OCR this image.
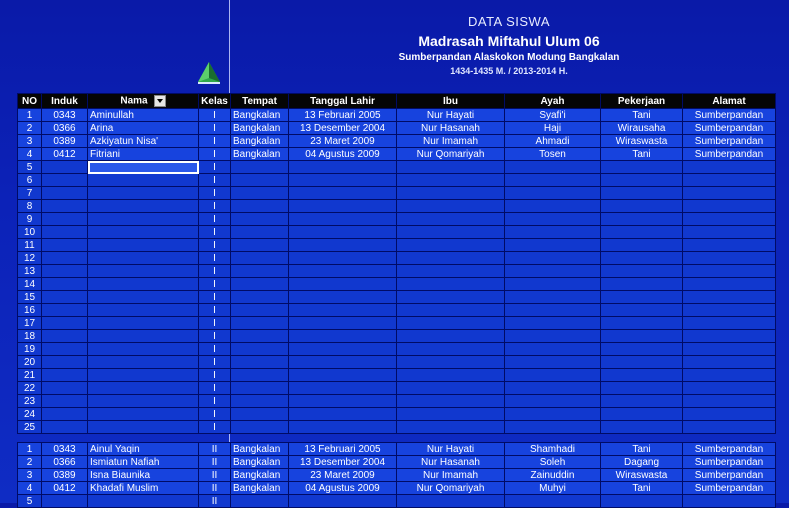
DATA SISWA
Madrasah Miftahul Ulum 06
Sumberpandan Alaskokon Modung Bangkalan
1434-1435 M. / 2013-2014 H.
NO	Induk	Nama	Kelas	Tempat	Tanggal Lahir	Ibu	Ayah	Pekerjaan	Alamat
1	0343	Aminullah	I	Bangkalan	13 Februari 2005	Nur Hayati	Syafi'i	Tani	Sumberpandan
2	0366	Arina	I	Bangkalan	13 Desember 2004	Nur Hasanah	Haji	Wirausaha	Sumberpandan
3	0389	Azkiyatun Nisa'	I	Bangkalan	23 Maret 2009	Nur Imamah	Ahmadi	Wiraswasta	Sumberpandan
4	0412	Fitriani	I	Bangkalan	04 Agustus 2009	Nur Qomariyah	Tosen	Tani	Sumberpandan
5			I						
6			I						
7			I						
8			I						
9			I						
10			I						
11			I						
12			I						
13			I						
14			I						
15			I						
16			I						
17			I						
18			I						
19			I						
20			I						
21			I						
22			I						
23			I						
24			I						
25			I						
1	0343	Ainul Yaqin	II	Bangkalan	13 Februari 2005	Nur Hayati	Shamhadi	Tani	Sumberpandan
2	0366	Ismiatun Nafiah	II	Bangkalan	13 Desember 2004	Nur Hasanah	Soleh	Dagang	Sumberpandan
3	0389	Isna Biaunika	II	Bangkalan	23 Maret 2009	Nur Imamah	Zainuddin	Wiraswasta	Sumberpandan
4	0412	Khadafi Muslim	II	Bangkalan	04 Agustus 2009	Nur Qomariyah	Muhyi	Tani	Sumberpandan
5			II						
